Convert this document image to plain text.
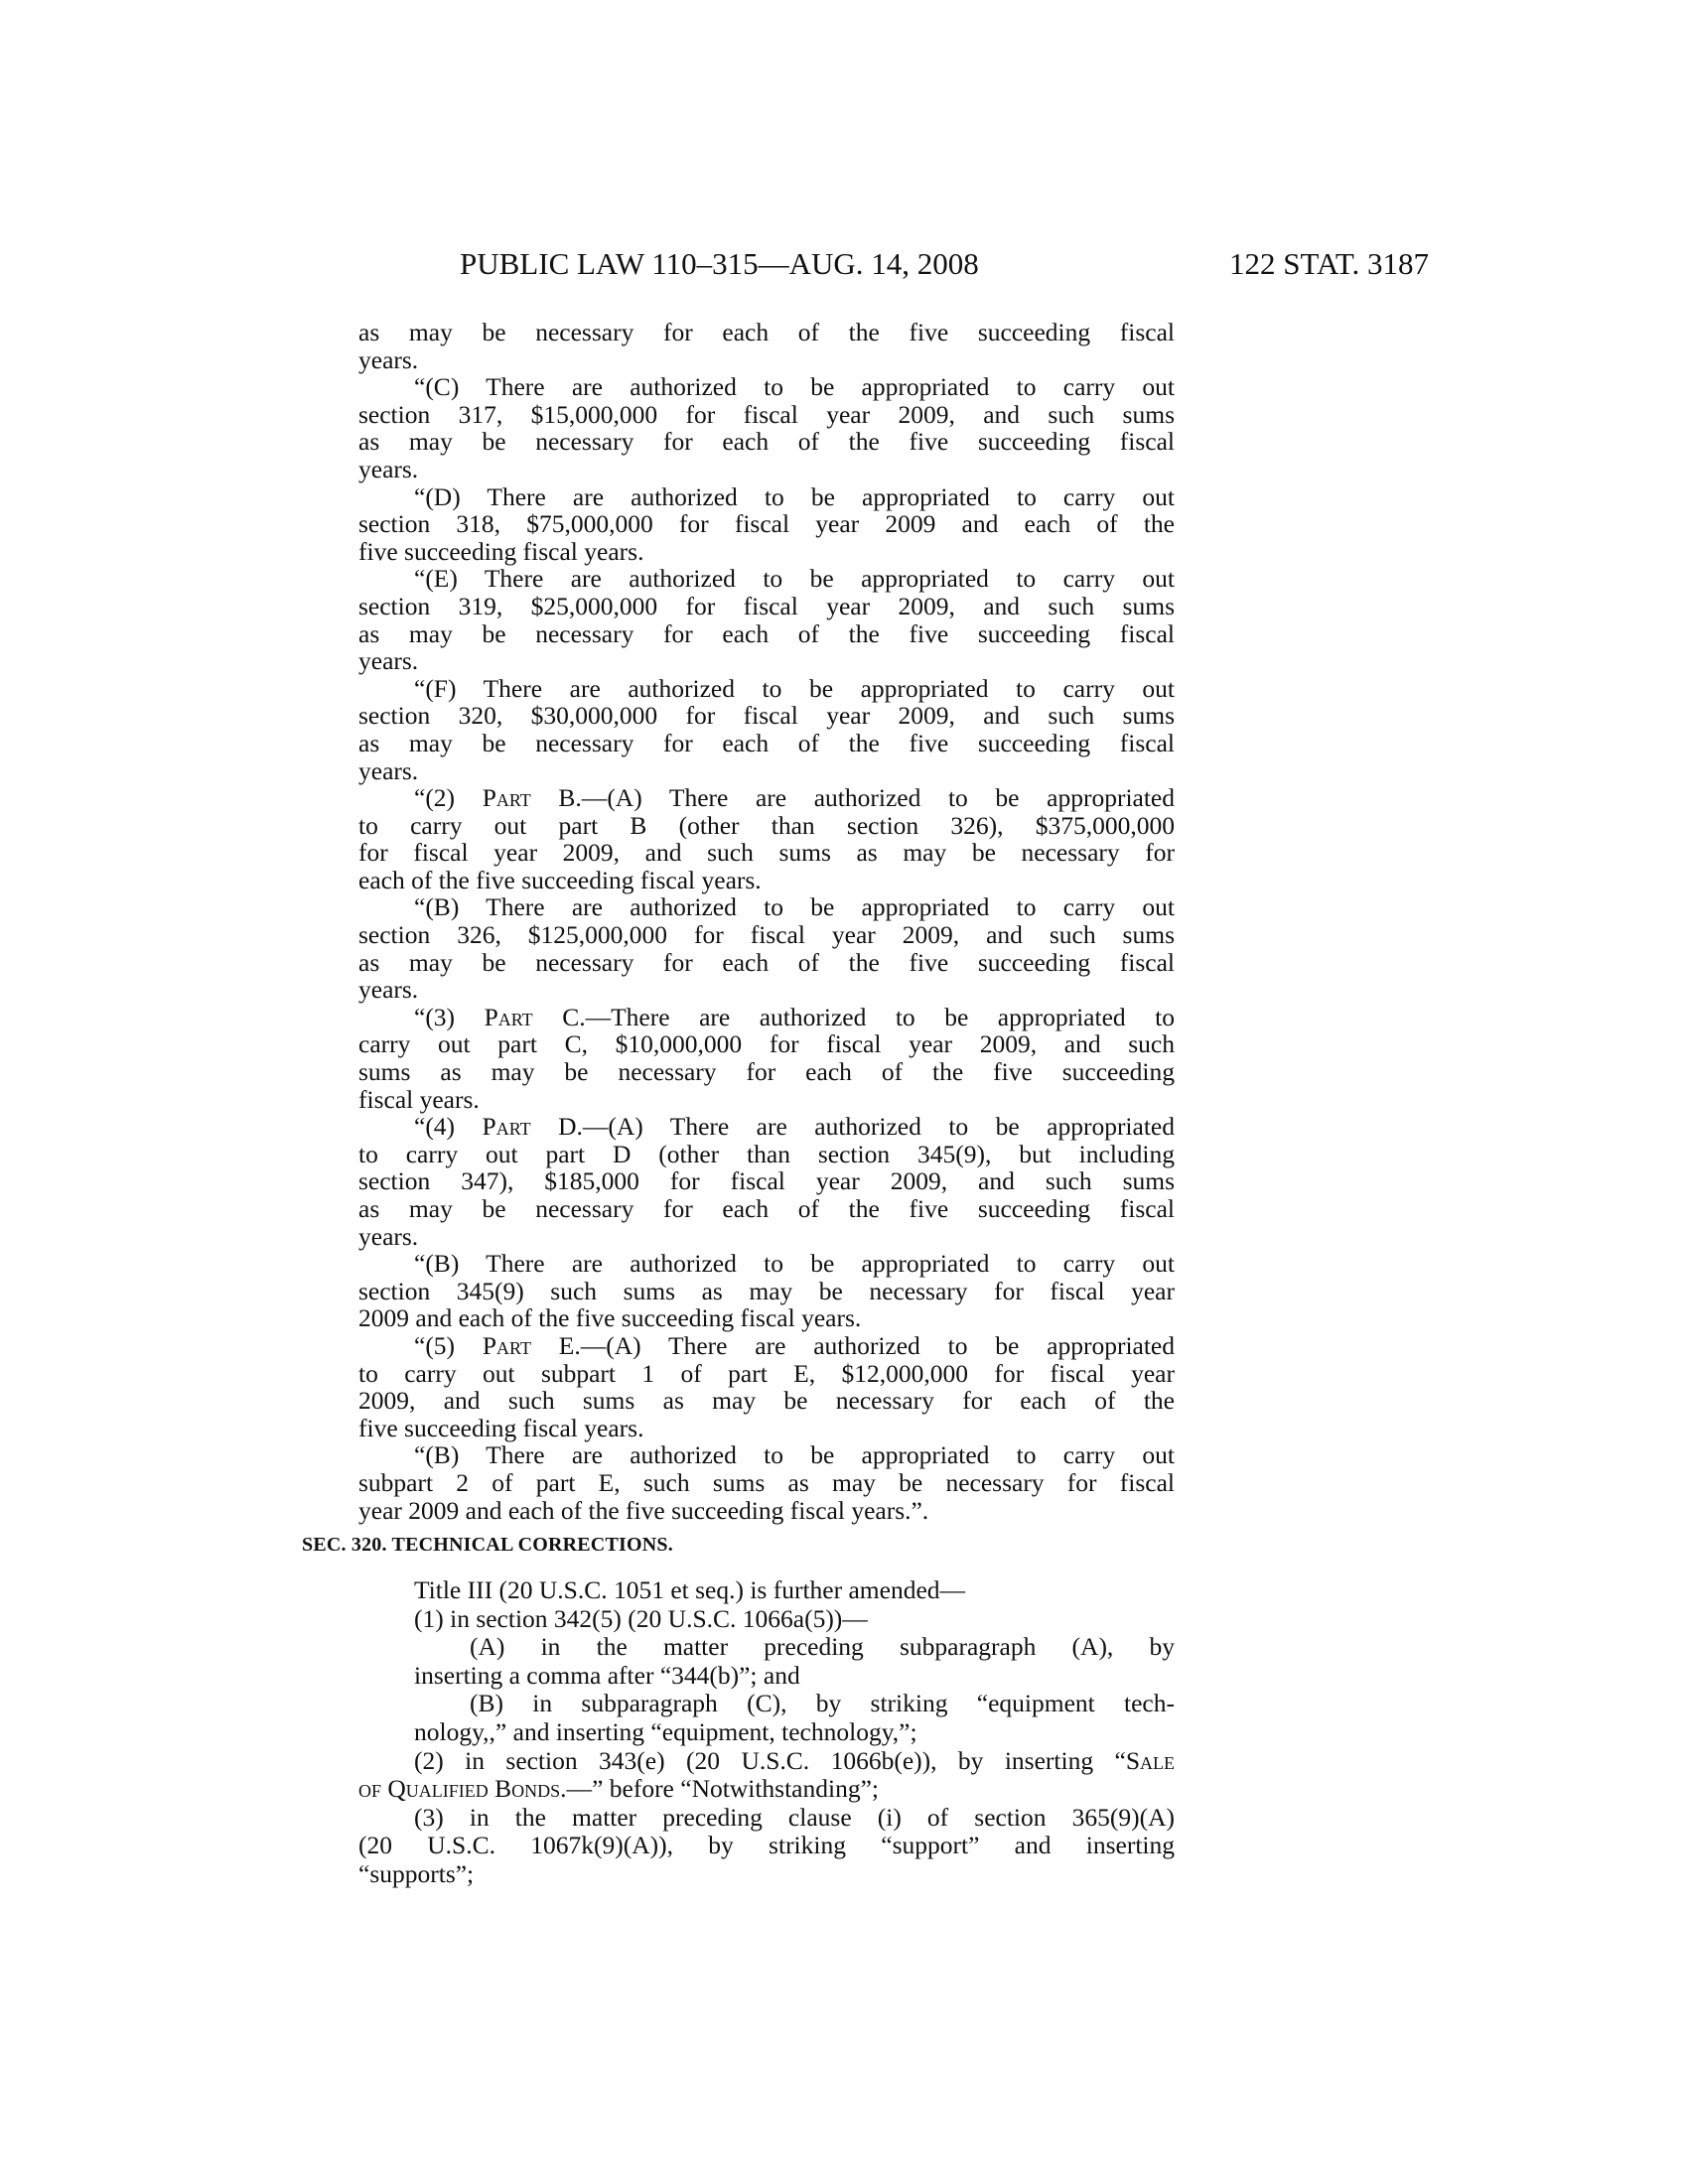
PUBLIC LAW 110–315—AUG. 14, 2008	122 STAT. 3187
as may be necessary for each of the five succeeding fiscal
years.
“(C) There are authorized to be appropriated to carry out
section 317, $15,000,000 for fiscal year 2009, and such sums
as may be necessary for each of the five succeeding fiscal
years.
“(D) There are authorized to be appropriated to carry out
section 318, $75,000,000 for fiscal year 2009 and each of the
five succeeding fiscal years.
“(E) There are authorized to be appropriated to carry out
section 319, $25,000,000 for fiscal year 2009, and such sums
as may be necessary for each of the five succeeding fiscal
years.
“(F) There are authorized to be appropriated to carry out
section 320, $30,000,000 for fiscal year 2009, and such sums
as may be necessary for each of the five succeeding fiscal
years.
“(2) Part B.—(A) There are authorized to be appropriated
to carry out part B (other than section 326), $375,000,000
for fiscal year 2009, and such sums as may be necessary for
each of the five succeeding fiscal years.
“(B) There are authorized to be appropriated to carry out
section 326, $125,000,000 for fiscal year 2009, and such sums
as may be necessary for each of the five succeeding fiscal
years.
“(3) Part C.—There are authorized to be appropriated to
carry out part C, $10,000,000 for fiscal year 2009, and such
sums as may be necessary for each of the five succeeding
fiscal years.
“(4) Part D.—(A) There are authorized to be appropriated
to carry out part D (other than section 345(9), but including
section 347), $185,000 for fiscal year 2009, and such sums
as may be necessary for each of the five succeeding fiscal
years.
“(B) There are authorized to be appropriated to carry out
section 345(9) such sums as may be necessary for fiscal year
2009 and each of the five succeeding fiscal years.
“(5) Part E.—(A) There are authorized to be appropriated
to carry out subpart 1 of part E, $12,000,000 for fiscal year
2009, and such sums as may be necessary for each of the
five succeeding fiscal years.
“(B) There are authorized to be appropriated to carry out
subpart 2 of part E, such sums as may be necessary for fiscal
year 2009 and each of the five succeeding fiscal years.”.
SEC. 320. TECHNICAL CORRECTIONS.
Title III (20 U.S.C. 1051 et seq.) is further amended—
(1) in section 342(5) (20 U.S.C. 1066a(5))—
(A) in the matter preceding subparagraph (A), by
inserting a comma after “344(b)”; and
(B) in subparagraph (C), by striking “equipment tech-
nology,,” and inserting “equipment, technology,”;
(2) in section 343(e) (20 U.S.C. 1066b(e)), by inserting “Sale
of Qualified Bonds.—” before “Notwithstanding”;
(3) in the matter preceding clause (i) of section 365(9)(A)
(20 U.S.C. 1067k(9)(A)), by striking “support” and inserting
“supports”;
